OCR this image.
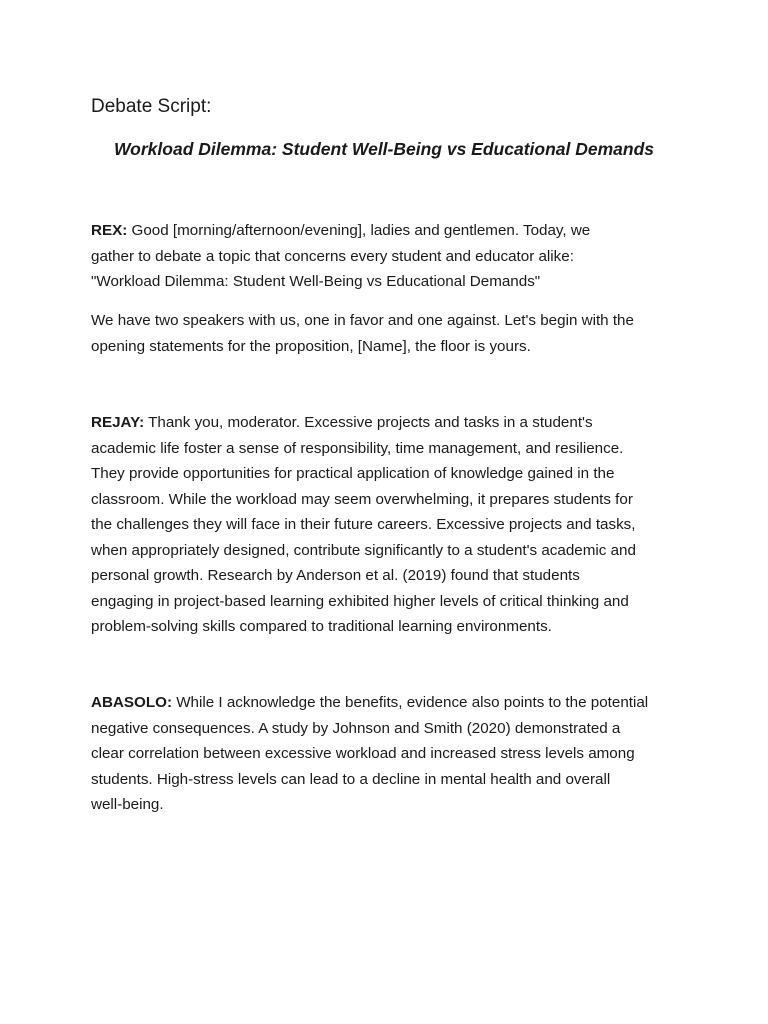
Debate Script:
Workload Dilemma: Student Well-Being vs Educational Demands

REX: Good [morning/afternoon/evening], ladies and gentlemen. Today, we
gather to debate a topic that concerns every student and educator alike:
"Workload Dilemma: Student Well-Being vs Educational Demands"

We have two speakers with us, one in favor and one against. Let's begin with the
opening statements for the proposition, [Name], the floor is yours.

REJAY: Thank you, moderator. Excessive projects and tasks in a student's
academic life foster a sense of responsibility, time management, and resilience.
They provide opportunities for practical application of knowledge gained in the
classroom. While the workload may seem overwhelming, it prepares students for
the challenges they will face in their future careers. Excessive projects and tasks,
when appropriately designed, contribute significantly to a student's academic and
personal growth. Research by Anderson et al. (2019) found that students
engaging in project-based learning exhibited higher levels of critical thinking and
problem-solving skills compared to traditional learning environments.

ABASOLO: While I acknowledge the benefits, evidence also points to the potential
negative consequences. A study by Johnson and Smith (2020) demonstrated a
clear correlation between excessive workload and increased stress levels among
students. High-stress levels can lead to a decline in mental health and overall
well-being.
